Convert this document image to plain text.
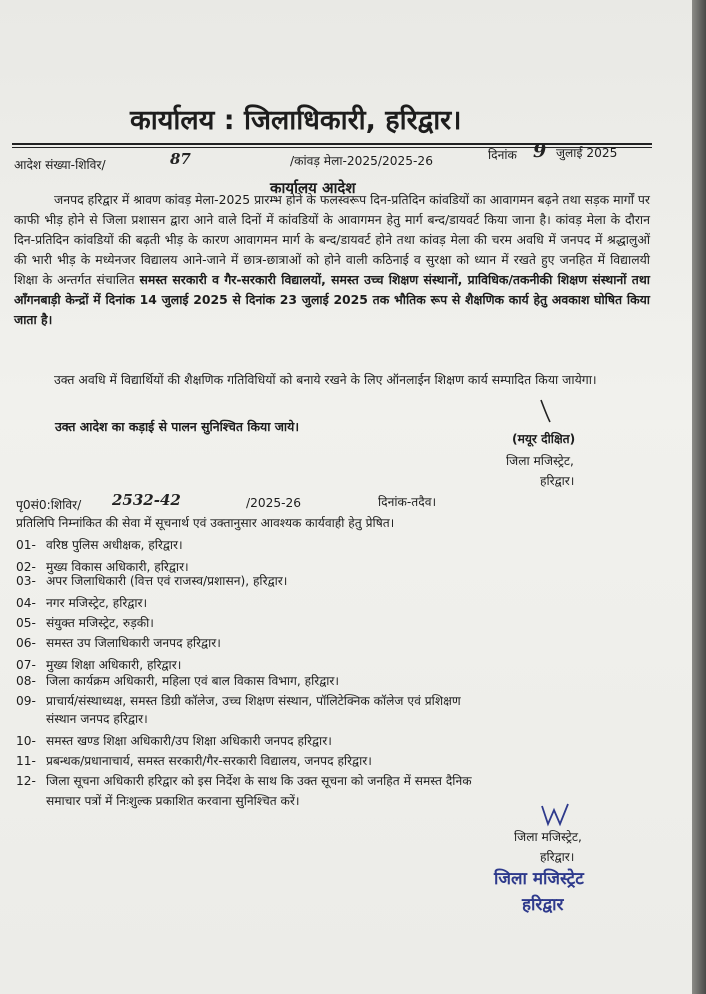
कार्यालय : जिलाधिकारी, हरिद्वार।
आदेश संख्या-शिविर/	87	/कांवड़ मेला-2025/2025-26	दिनांक 9 जुलाई 2025
कार्यालय आदेश
जनपद हरिद्वार में श्रावण कांवड़ मेला-2025 प्रारम्भ होने के फलस्वरूप दिन-प्रतिदिन कांवडियों का आवागमन बढ़ने तथा सड़क मार्गों पर काफी भीड़ होने से जिला प्रशासन द्वारा आने वाले दिनों में कांवडियों के आवागमन हेतु मार्ग बन्द/डायवर्ट किया जाना है। कांवड़ मेला के दौरान दिन-प्रतिदिन कांवडियों की बढ़ती भीड़ के कारण आवागमन मार्ग के बन्द/डायवर्ट होने तथा कांवड़ मेला की चरम अवधि में जनपद में श्रद्धालुओं की भारी भीड़ के मध्येनजर विद्यालय आने-जाने में छात्र-छात्राओं को होने वाली कठिनाई व सुरक्षा को ध्यान में रखते हुए जनहित में विद्यालयी शिक्षा के अन्तर्गत संचालित समस्त सरकारी व गैर-सरकारी विद्यालयों, समस्त उच्च शिक्षण संस्थानों, प्राविधिक/तकनीकी शिक्षण संस्थानों तथा आँगनबाड़ी केन्द्रों में दिनांक 14 जुलाई 2025 से दिनांक 23 जुलाई 2025 तक भौतिक रूप से शैक्षणिक कार्य हेतु अवकाश घोषित किया जाता है।
उक्त अवधि में विद्यार्थियों की शैक्षणिक गतिविधियों को बनाये रखने के लिए ऑनलाईन शिक्षण कार्य सम्पादित किया जायेगा।
उक्त आदेश का कड़ाई से पालन सुनिश्चित किया जाये।
(मयूर दीक्षित)
जिला मजिस्ट्रेट,
हरिद्वार।
पृ0सं0:शिविर/ 2532-42	/2025-26	दिनांक-तदैव।
प्रतिलिपि निम्नांकित की सेवा में सूचनार्थ एवं उक्तानुसार आवश्यक कार्यवाही हेतु प्रेषित।
01- वरिष्ठ पुलिस अधीक्षक, हरिद्वार।
02- मुख्य विकास अधिकारी, हरिद्वार।
03- अपर जिलाधिकारी (वित्त एवं राजस्व/प्रशासन), हरिद्वार।
04- नगर मजिस्ट्रेट, हरिद्वार।
05- संयुक्त मजिस्ट्रेट, रुड़की।
06- समस्त उप जिलाधिकारी जनपद हरिद्वार।
07- मुख्य शिक्षा अधिकारी, हरिद्वार।
08- जिला कार्यक्रम अधिकारी, महिला एवं बाल विकास विभाग, हरिद्वार।
09- प्राचार्य/संस्थाध्यक्ष, समस्त डिग्री कॉलेज, उच्च शिक्षण संस्थान, पॉलिटेक्निक कॉलेज एवं प्रशिक्षण
संस्थान जनपद हरिद्वार।
10- समस्त खण्ड शिक्षा अधिकारी/उप शिक्षा अधिकारी जनपद हरिद्वार।
11- प्रबन्धक/प्रधानाचार्य, समस्त सरकारी/गैर-सरकारी विद्यालय, जनपद हरिद्वार।
12- जिला सूचना अधिकारी हरिद्वार को इस निर्देश के साथ कि उक्त सूचना को जनहित में समस्त दैनिक
समाचार पत्रों में निःशुल्क प्रकाशित करवाना सुनिश्चित करें।
जिला मजिस्ट्रेट,
हरिद्वार।
जिला मजिस्ट्रेट
हरिद्वार
